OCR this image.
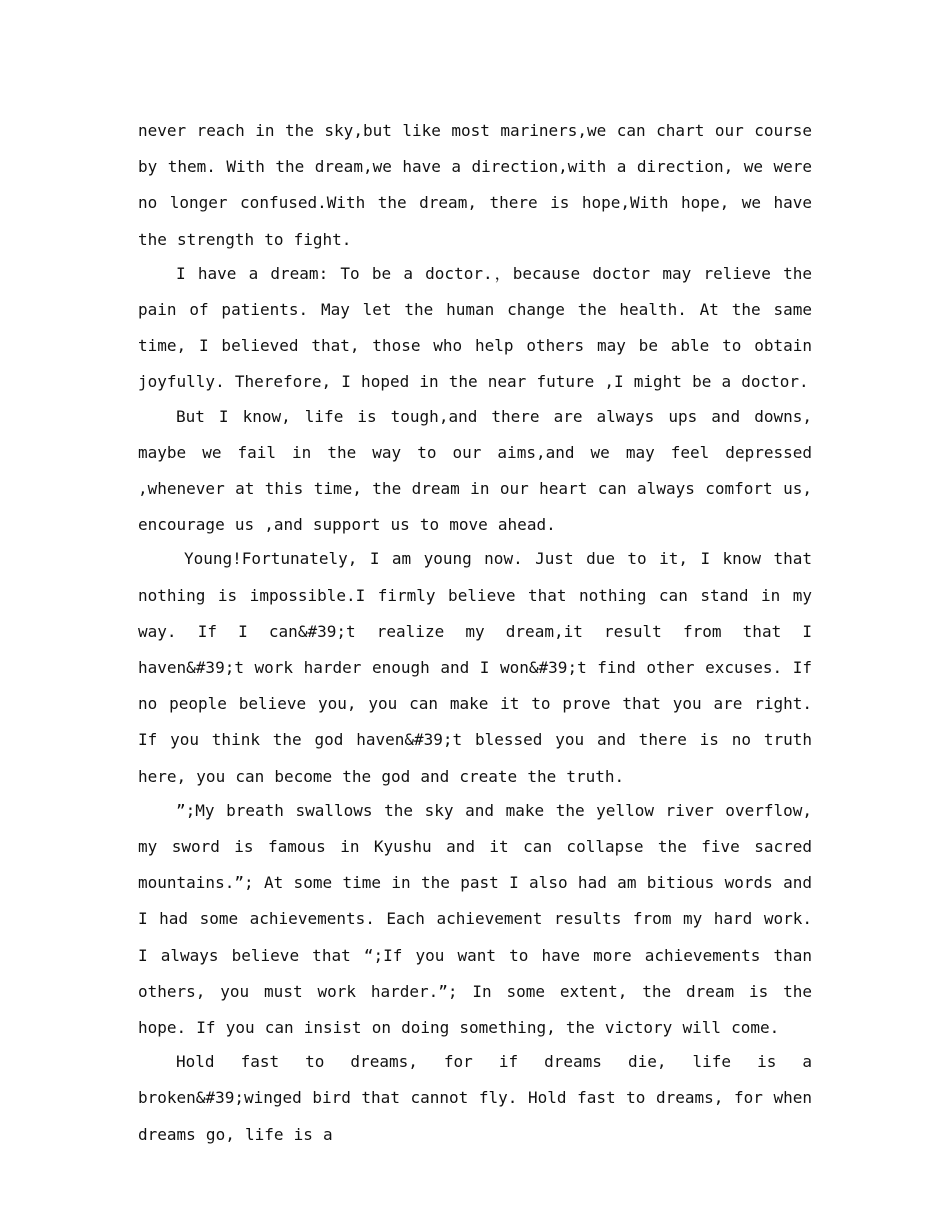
never reach in the sky,but like most mariners,we can chart our course by them. With the dream,we have a direction,with a direction, we were no longer confused.With the dream, there is hope,With hope, we have the strength to fight.

I have a dream: To be a doctor.，because doctor may relieve the pain of patients. May let the human change the health. At the same time, I believed that, those who help others may be able to obtain joyfully. Therefore, I hoped in the near future ,I might be a doctor.

But I know, life is tough,and there are always ups and downs, maybe we fail in the way to our aims,and we may feel depressed ,whenever at this time, the dream in our heart can always comfort us, encourage us ,and support us to move ahead.

Young!Fortunately, I am young now. Just due to it, I know that nothing is impossible.I firmly believe that nothing can stand in my way. If I can&#39;t realize my dream,it result from that I haven&#39;t work harder enough and I won&#39;t find other excuses. If no people believe you, you can make it to prove that you are right. If you think the god haven&#39;t blessed you and there is no truth here, you can become the god and create the truth.

”;My breath swallows the sky and make the yellow river overflow, my sword is famous in Kyushu and it can collapse the five sacred mountains.”; At some time in the past I also had am bitious words and I had some achievements. Each achievement results from my hard work. I always believe that “;If you want to have more achievements than others, you must work harder.”; In some extent, the dream is the hope. If you can insist on doing something, the victory will come.

Hold fast to dreams, for if dreams die, life is a broken&#39;winged bird that cannot fly. Hold fast to dreams, for when dreams go, life is a
